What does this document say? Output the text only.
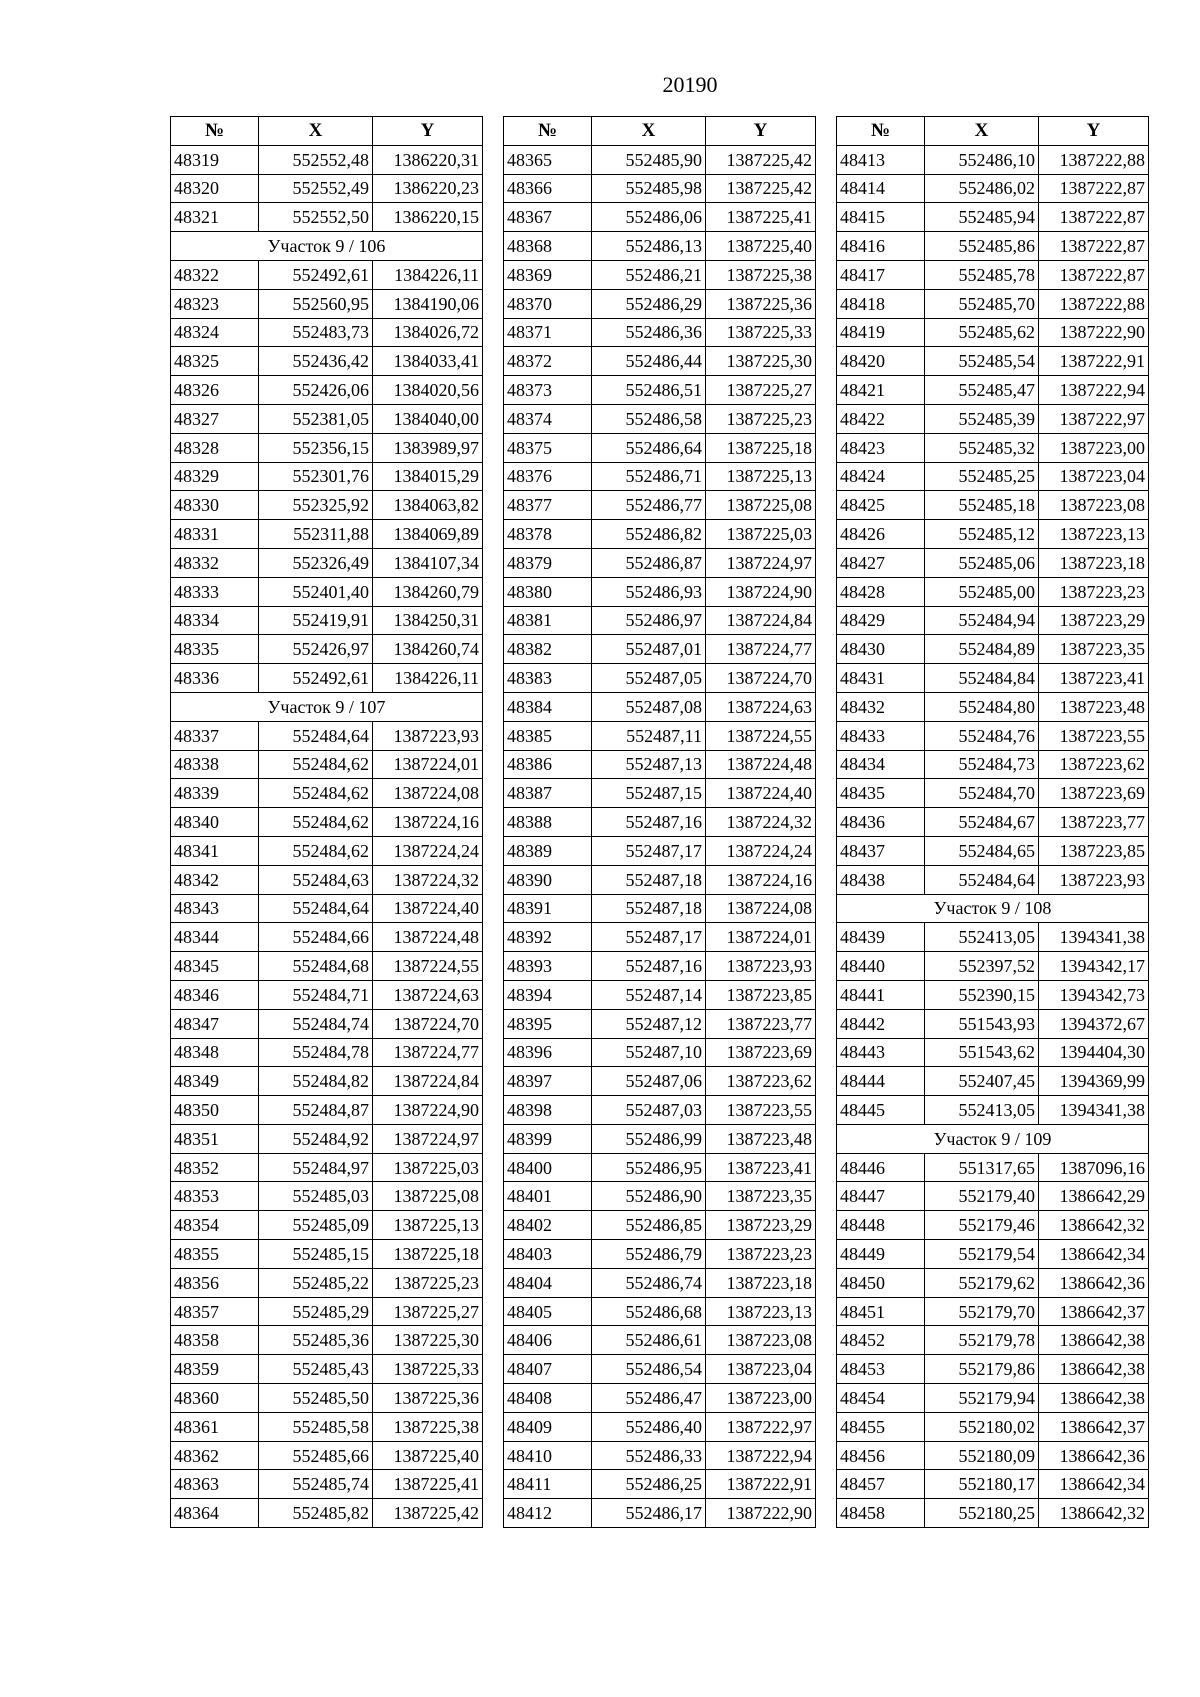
20190
№	X	Y
48319	552552,48	1386220,31
48320	552552,49	1386220,23
48321	552552,50	1386220,15
Участок 9 / 106		
48322	552492,61	1384226,11
48323	552560,95	1384190,06
48324	552483,73	1384026,72
48325	552436,42	1384033,41
48326	552426,06	1384020,56
48327	552381,05	1384040,00
48328	552356,15	1383989,97
48329	552301,76	1384015,29
48330	552325,92	1384063,82
48331	552311,88	1384069,89
48332	552326,49	1384107,34
48333	552401,40	1384260,79
48334	552419,91	1384250,31
48335	552426,97	1384260,74
48336	552492,61	1384226,11
Участок 9 / 107		
48337	552484,64	1387223,93
48338	552484,62	1387224,01
48339	552484,62	1387224,08
48340	552484,62	1387224,16
48341	552484,62	1387224,24
48342	552484,63	1387224,32
48343	552484,64	1387224,40
48344	552484,66	1387224,48
48345	552484,68	1387224,55
48346	552484,71	1387224,63
48347	552484,74	1387224,70
48348	552484,78	1387224,77
48349	552484,82	1387224,84
48350	552484,87	1387224,90
48351	552484,92	1387224,97
48352	552484,97	1387225,03
48353	552485,03	1387225,08
48354	552485,09	1387225,13
48355	552485,15	1387225,18
48356	552485,22	1387225,23
48357	552485,29	1387225,27
48358	552485,36	1387225,30
48359	552485,43	1387225,33
48360	552485,50	1387225,36
48361	552485,58	1387225,38
48362	552485,66	1387225,40
48363	552485,74	1387225,41
48364	552485,82	1387225,42
№	X	Y
48365	552485,90	1387225,42
48366	552485,98	1387225,42
48367	552486,06	1387225,41
48368	552486,13	1387225,40
48369	552486,21	1387225,38
48370	552486,29	1387225,36
48371	552486,36	1387225,33
48372	552486,44	1387225,30
48373	552486,51	1387225,27
48374	552486,58	1387225,23
48375	552486,64	1387225,18
48376	552486,71	1387225,13
48377	552486,77	1387225,08
48378	552486,82	1387225,03
48379	552486,87	1387224,97
48380	552486,93	1387224,90
48381	552486,97	1387224,84
48382	552487,01	1387224,77
48383	552487,05	1387224,70
48384	552487,08	1387224,63
48385	552487,11	1387224,55
48386	552487,13	1387224,48
48387	552487,15	1387224,40
48388	552487,16	1387224,32
48389	552487,17	1387224,24
48390	552487,18	1387224,16
48391	552487,18	1387224,08
48392	552487,17	1387224,01
48393	552487,16	1387223,93
48394	552487,14	1387223,85
48395	552487,12	1387223,77
48396	552487,10	1387223,69
48397	552487,06	1387223,62
48398	552487,03	1387223,55
48399	552486,99	1387223,48
48400	552486,95	1387223,41
48401	552486,90	1387223,35
48402	552486,85	1387223,29
48403	552486,79	1387223,23
48404	552486,74	1387223,18
48405	552486,68	1387223,13
48406	552486,61	1387223,08
48407	552486,54	1387223,04
48408	552486,47	1387223,00
48409	552486,40	1387222,97
48410	552486,33	1387222,94
48411	552486,25	1387222,91
48412	552486,17	1387222,90
№	X	Y
48413	552486,10	1387222,88
48414	552486,02	1387222,87
48415	552485,94	1387222,87
48416	552485,86	1387222,87
48417	552485,78	1387222,87
48418	552485,70	1387222,88
48419	552485,62	1387222,90
48420	552485,54	1387222,91
48421	552485,47	1387222,94
48422	552485,39	1387222,97
48423	552485,32	1387223,00
48424	552485,25	1387223,04
48425	552485,18	1387223,08
48426	552485,12	1387223,13
48427	552485,06	1387223,18
48428	552485,00	1387223,23
48429	552484,94	1387223,29
48430	552484,89	1387223,35
48431	552484,84	1387223,41
48432	552484,80	1387223,48
48433	552484,76	1387223,55
48434	552484,73	1387223,62
48435	552484,70	1387223,69
48436	552484,67	1387223,77
48437	552484,65	1387223,85
48438	552484,64	1387223,93
Участок 9 / 108		
48439	552413,05	1394341,38
48440	552397,52	1394342,17
48441	552390,15	1394342,73
48442	551543,93	1394372,67
48443	551543,62	1394404,30
48444	552407,45	1394369,99
48445	552413,05	1394341,38
Участок 9 / 109		
48446	551317,65	1387096,16
48447	552179,40	1386642,29
48448	552179,46	1386642,32
48449	552179,54	1386642,34
48450	552179,62	1386642,36
48451	552179,70	1386642,37
48452	552179,78	1386642,38
48453	552179,86	1386642,38
48454	552179,94	1386642,38
48455	552180,02	1386642,37
48456	552180,09	1386642,36
48457	552180,17	1386642,34
48458	552180,25	1386642,32
